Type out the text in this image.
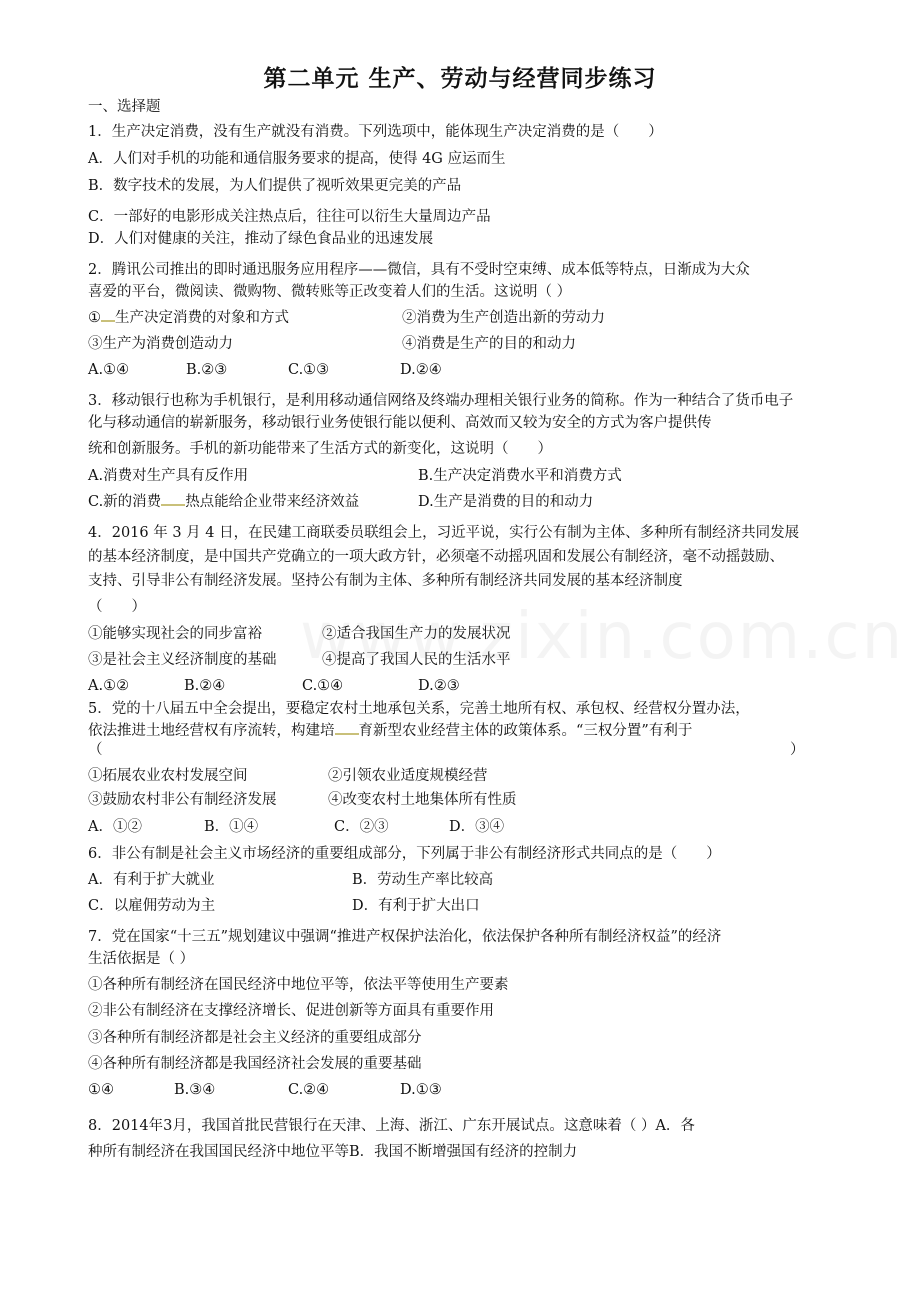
第二单元 生产、劳动与经营同步练习
一、选择题
1．生产决定消费，没有生产就没有消费。下列选项中，能体现生产决定消费的是（　　）
A．人们对手机的功能和通信服务要求的提高，使得 4G 应运而生
B．数字技术的发展，为人们提供了视听效果更完美的产品
C．一部好的电影形成关注热点后，往往可以衍生大量周边产品
D．人们对健康的关注，推动了绿色食品业的迅速发展
2．腾讯公司推出的即时通迅服务应用程序——微信，具有不受时空束缚、成本低等特点，日渐成为大众
喜爱的平台，微阅读、微购物、微转账等正改变着人们的生活。这说明（ ）
① 生产决定消费的对象和方式	②消费为生产创造出新的劳动力
③生产为消费创造动力	④消费是生产的目的和动力
A.①④	B.②③	C.①③	D.②④
3．移动银行也称为手机银行，是利用移动通信网络及终端办理相关银行业务的简称。作为一种结合了货币电子
化与移动通信的崭新服务，移动银行业务使银行能以便利、高效而又较为安全的方式为客户提供传
统和创新服务。手机的新功能带来了生活方式的新变化，这说明（　　）
A.消费对生产具有反作用	B.生产决定消费水平和消费方式
C.新的消费 热点能给企业带来经济效益	D.生产是消费的目的和动力
4．2016 年 3 月 4 日，在民建工商联委员联组会上，习近平说，实行公有制为主体、多种所有制经济共同发展
的基本经济制度，是中国共产党确立的一项大政方针，必须毫不动摇巩固和发展公有制经济，毫不动摇鼓励、
支持、引导非公有制经济发展。坚持公有制为主体、多种所有制经济共同发展的基本经济制度
（　　）
①能够实现社会的同步富裕	②适合我国生产力的发展状况
③是社会主义经济制度的基础	④提高了我国人民的生活水平
A.①②	B.②④	C.①④	D.②③
5．党的十八届五中全会提出，要稳定农村土地承包关系，完善土地所有权、承包权、经营权分置办法，
依法推进土地经营权有序流转，构建培 育新型农业经营主体的政策体系。“三权分置”有利于
（	）
①拓展农业农村发展空间	②引领农业适度规模经营
③鼓励农村非公有制经济发展	④改变农村土地集体所有性质
A．①②	B．①④	C．②③	D．③④
6．非公有制是社会主义市场经济的重要组成部分，下列属于非公有制经济形式共同点的是（　　）
A．有利于扩大就业	B．劳动生产率比较高
C．以雇佣劳动为主	D．有利于扩大出口
7．党在国家“十三五”规划建议中强调“推进产权保护法治化，依法保护各种所有制经济权益”的经济
生活依据是（ ）
①各种所有制经济在国民经济中地位平等，依法平等使用生产要素
②非公有制经济在支撑经济增长、促进创新等方面具有重要作用
③各种所有制经济都是社会主义经济的重要组成部分
④各种所有制经济都是我国经济社会发展的重要基础
①④	B.③④	C.②④	D.①③
8．2014年3月，我国首批民营银行在天津、上海、浙江、广东开展试点。这意味着（ ）A．各
种所有制经济在我国国民经济中地位平等B．我国不断增强国有经济的控制力
